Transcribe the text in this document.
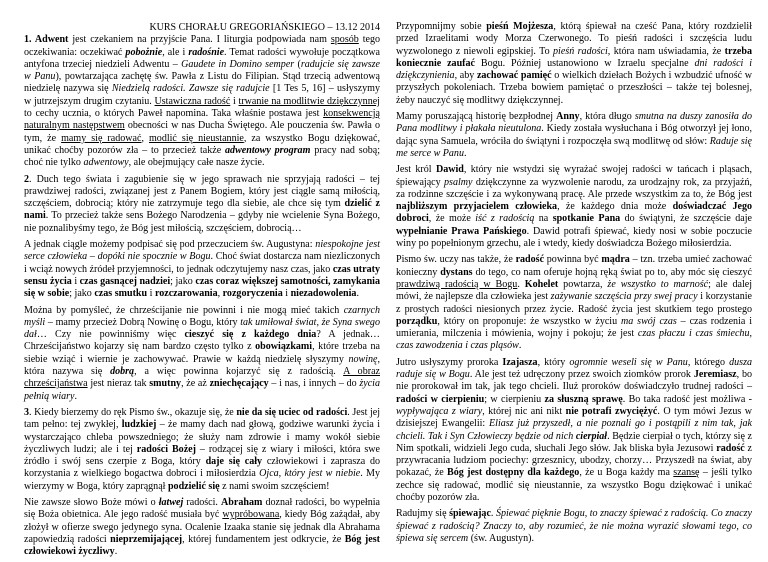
KURS CHORAŁU GREGORIAŃSKIEGO – 13.12 2014

1. Adwent jest czekaniem na przyjście Pana. I liturgia podpowiada nam sposób tego oczekiwania: oczekiwać pobożnie, ale i radośnie. Temat radości wywołuje początkowa antyfona trzeciej niedzieli Adwentu – Gaudete in Domino semper (radujcie się zawsze w Panu), powtarzająca zachętę św. Pawła z Listu do Filipian. Stąd trzecią adwentową niedzielę nazywa się Niedzielą radości. Zawsze się radujcie [1 Tes 5, 16] – usłyszymy w jutrzejszym drugim czytaniu. Ustawiczna radość i trwanie na modlitwie dziękczynnej to cechy ucznia, o których Paweł napomina. Taka właśnie postawa jest konsekwencją naturalnym następstwem obecności w nas Ducha Świętego. Ale pouczenia św. Pawła o tym, że mamy się radować, modlić się nieustannie, za wszystko Bogu dziękować, unikać choćby pozorów zła – to przecież także adwentowy program pracy nad sobą; choć nie tylko adwentowy, ale obejmujący całe nasze życie.

2. Duch tego świata i zagubienie się w jego sprawach nie sprzyjają radości – tej prawdziwej radości, związanej jest z Panem Bogiem, który jest ciągle samą miłością, szczęściem, dobrocią; który nie zatrzymuje tego dla siebie, ale chce się tym dzielić z nami. To przecież także sens Bożego Narodzenia – gdyby nie wcielenie Syna Bożego, nie poznalibyśmy tego, że Bóg jest miłością, szczęściem, dobrocią…

A jednak ciągle możemy podpisać się pod przeczuciem św. Augustyna: niespokojne jest serce człowieka – dopóki nie spocznie w Bogu. Choć świat dostarcza nam niezliczonych i wciąż nowych źródeł przyjemności, to jednak odczytujemy nasz czas, jako czas utraty sensu życia i czas gasnącej nadziei; jako czas coraz większej samotności, zamykania się w sobie; jako czas smutku i rozczarowania, rozgoryczenia i niezadowolenia.

Można by pomyśleć, że chrześcijanie nie powinni i nie mogą mieć takich czarnych myśli – mamy przecież Dobrą Nowinę o Bogu, który tak umiłował świat, że Syna swego dał… Czy nie powinniśmy więc cieszyć się z każdego dnia? A jednak… Chrześcijaństwo kojarzy się nam bardzo często tylko z obowiązkami, które trzeba na siebie wziąć i wiernie je zachowywać. Prawie w każdą niedzielę słyszymy nowinę, która nazywa się dobrą, a więc powinna kojarzyć się z radością. A obraz chrześcijaństwa jest nieraz tak smutny, że aż zniechęcający – i nas, i innych – do życia pełnią wiary.

3. Kiedy bierzemy do ręk Pismo św., okazuje się, że nie da się uciec od radości. Jest jej tam pełno: tej zwykłej, ludzkiej – że mamy dach nad głową, godziwe warunki życia i wystarczająco chleba powszedniego; że służy nam zdrowie i mamy wokół siebie życzliwych ludzi; ale i tej radości Bożej – rodzącej się z wiary i miłości, która swe źródło i swój sens czerpie z Boga, który daje się cały człowiekowi i zaprasza do korzystania z wielkiego bogactwa dobroci i miłosierdzia Ojca, który jest w niebie. My wierzymy w Boga, który zaprągnął podzielić się z nami swoim szczęściem!

Nie zawsze słowo Boże mówi o łatwej radości. Abraham doznał radości, bo wypełnia się Boża obietnica. Ale jego radość musiała być wypróbowana, kiedy Bóg zażądał, aby złożył w ofierze swego jedynego syna. Ocalenie Izaaka stanie się jednak dla Abrahama zapowiedzią radości nieprzemijającej, której fundamentem jest odkrycie, że Bóg jest człowiekowi życzliwy.

Przypomnijmy sobie pieśń Mojżesza, którą śpiewał na cześć Pana, który rozdzielił przed Izraelitami wody Morza Czerwonego. To pieśń radości i szczęścia ludu wyzwolonego z niewoli egipskiej. To pieśń radości, która nam uświadamia, że trzeba koniecznie zaufać Bogu. Później ustanowiono w Izraelu specjalne dni radości i dziękczynienia, aby zachować pamięć o wielkich dziełach Bożych i wzbudzić ufność w przyszłych pokoleniach. Trzeba bowiem pamiętać o przeszłości – także tej bolesnej, żeby nauczyć się modlitwy dziękczynnej.

Mamy poruszającą historię bezpłodnej Anny, która długo smutna na duszy zanosiła do Pana modlitwy i płakała nieutulona. Kiedy została wysłuchana i Bóg otworzył jej łono, dając syna Samuela, wróciła do świątyni i rozpoczęła swą modlitwę od słów: Raduje się me serce w Panu.

Jest król Dawid, który nie wstydzi się wyrażać swojej radości w tańcach i pląsach, śpiewający psalmy dziękczynne za wyzwolenie narodu, za urodzajny rok, za przyjaźń, za rodzinne szczęście i za wykonywaną pracę. Ale przede wszystkim za to, że Bóg jest najbliższym przyjacielem człowieka, że każdego dnia może doświadczać Jego dobroci, że może iść z radością na spotkanie Pana do świątyni, że szczęście daje wypełnianie Prawa Pańskiego. Dawid potrafi śpiewać, kiedy nosi w sobie poczucie winy po popełnionym grzechu, ale i wtedy, kiedy doświadcza Bożego miłosierdzia.

Pismo św. uczy nas także, że radość powinna być mądra – tzn. trzeba umieć zachować konieczny dystans do tego, co nam oferuje hojną ręką świat po to, aby móc się cieszyć prawdziwą radością w Bogu. Kohelet powtarza, że wszystko to marność; ale dalej mówi, że najlepsze dla człowieka jest zażywanie szczęścia przy swej pracy i korzystanie z prostych radości niesionych przez życie. Radość życia jest skutkiem tego prostego porządku, który on proponuje: że wszystko w życiu ma swój czas – czas rodzenia i umierania, milczenia i mówienia, wojny i pokoju; że jest czas płaczu i czas śmiechu, czas zawodzenia i czas pląsów.

Jutro usłyszymy proroka Izajasza, który ogromnie weseli się w Panu, którego dusza raduje się w Bogu. Ale jest też udręczony przez swoich ziomków prorok Jeremiasz, bo nie prorokował im tak, jak tego chcieli. Iluż proroków doświadczyło trudnej radości – radości w cierpieniu; w cierpieniu za słuszną sprawę. Bo taka radość jest możliwa - wypływająca z wiary, której nic ani nikt nie potrafi zwyciężyć. O tym mówi Jezus w dzisiejszej Ewangelii: Eliasz już przyszedł, a nie poznali go i postąpili z nim tak, jak chcieli. Tak i Syn Człowieczy będzie od nich cierpiał. Będzie cierpiał o tych, którzy się z Nim spotkali, widzieli Jego cuda, słuchali Jego słów. Jak bliska była Jezusowi radość z przywracania ludziom pociechy: grzesznicy, ubodzy, chorzy… Przyszedł na świat, aby pokazać, że Bóg jest dostępny dla każdego, że u Boga każdy ma szansę – jeśli tylko zechce się radować, modlić się nieustannie, za wszystko Bogu dziękować i unikać choćby pozorów zła.

Radujmy się śpiewając. Śpiewać pięknie Bogu, to znaczy śpiewać z radością. Co znaczy śpiewać z radością? Znaczy to, aby rozumieć, że nie można wyrazić słowami tego, co śpiewa się sercem (św. Augustyn).
